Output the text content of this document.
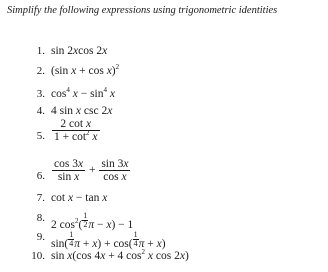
Simplify the following expressions using trigonometric identities

1. sin 2xcos 2x
2. (sin x + cos x)$^2$
3. $\cos^4 x - \sin^4 x$
4. 4 sin x csc 2x
5. $\frac{\text{2 cot x}}{1 + \cot^2 x}$
6. $\frac{\cos 3x}{\text{sin x}} + \frac{\sin 3x}{\text{cos x}}$
7. cot x − tan x
8.
2 $\cos^2( \frac{1}{2}$ π − x) − 1
9.
$\sin( \frac{1}{4}$ $\pi + x) + \cos( \frac{1}{4}$ π + x)
10. sin x(cos 4x + 4 $\cos^2 x$ cos 2x)
